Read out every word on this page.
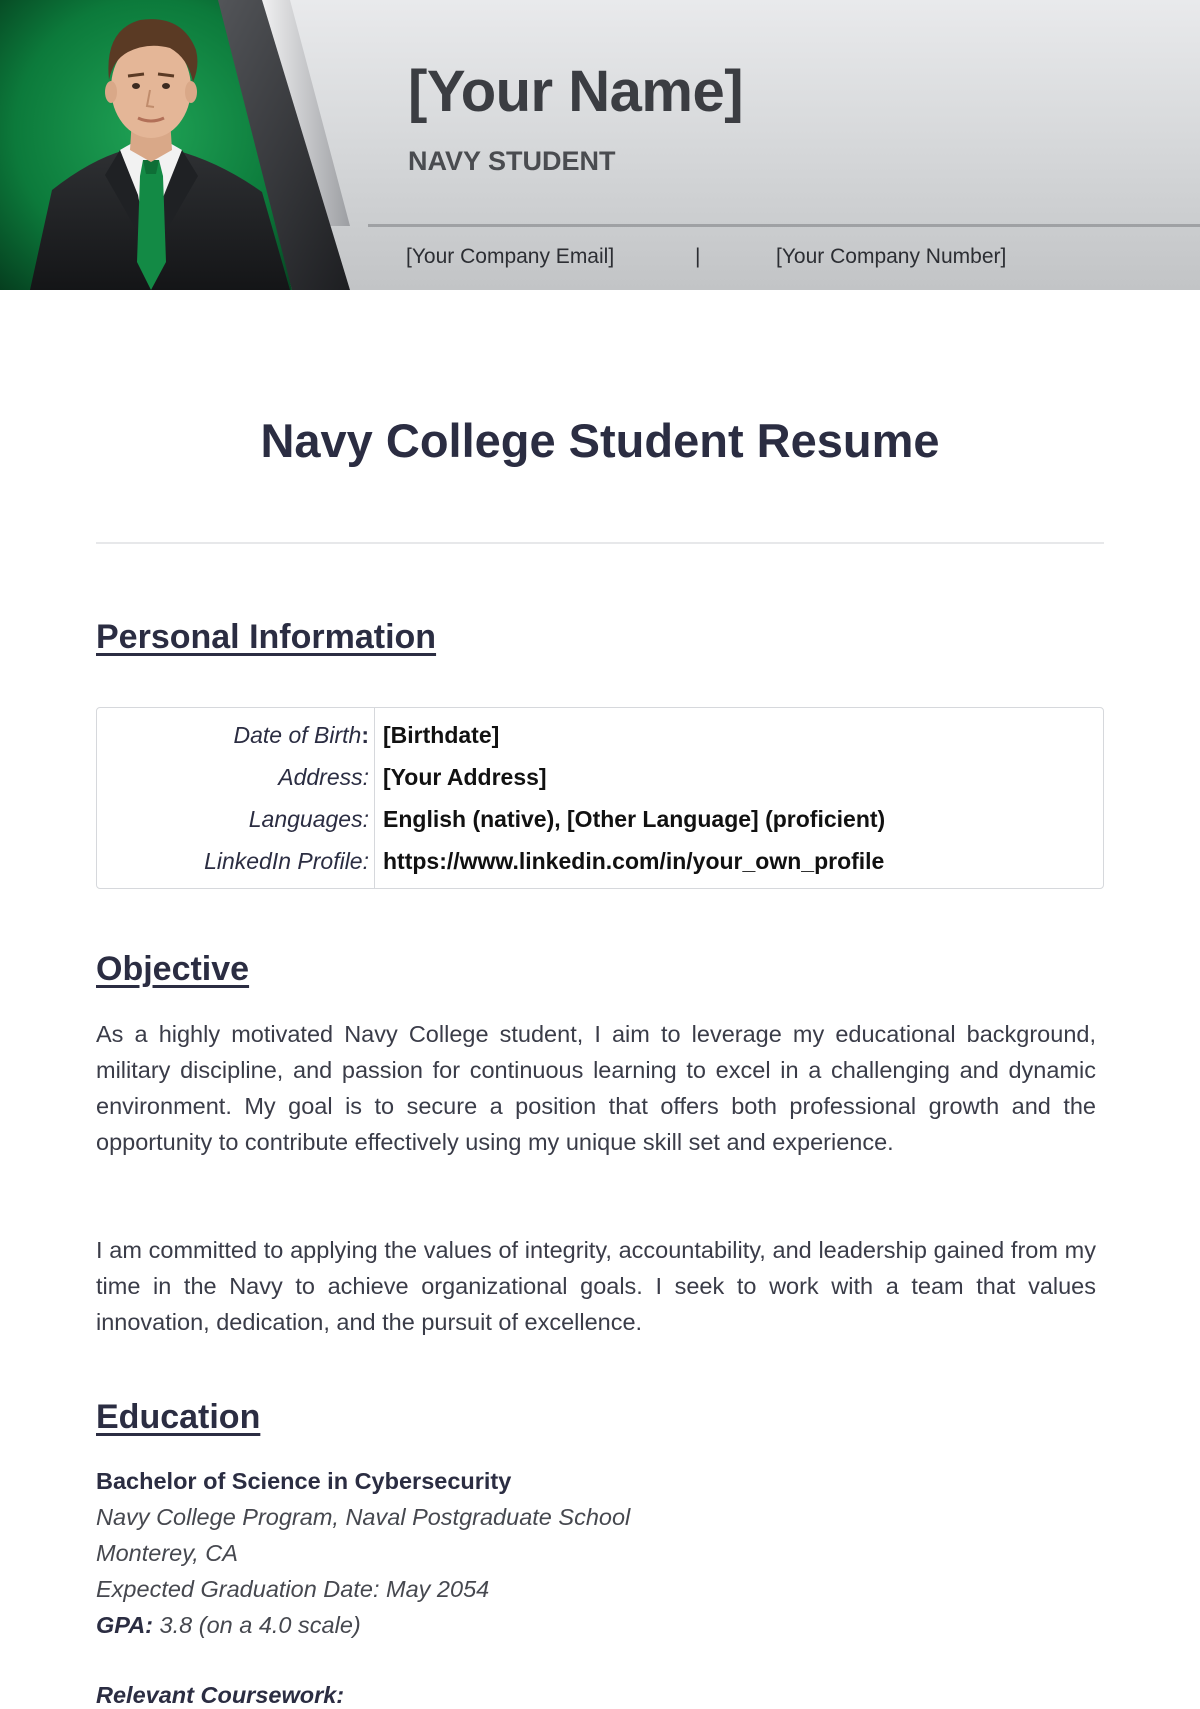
[Your Name]
NAVY STUDENT
[Your Company Email]	|	[Your Company Number]
Navy College Student Resume
Personal Information
Date of Birth: [Birthdate]
Address: [Your Address]
Languages: English (native), [Other Language] (proficient)
LinkedIn Profile: https://www.linkedin.com/in/your_own_profile
Objective

As a highly motivated Navy College student, I aim to leverage my educational background, military discipline, and passion for continuous learning to excel in a challenging and dynamic environment. My goal is to secure a position that offers both professional growth and the opportunity to contribute effectively using my unique skill set and experience.

I am committed to applying the values of integrity, accountability, and leadership gained from my time in the Navy to achieve organizational goals. I seek to work with a team that values innovation, dedication, and the pursuit of excellence.

Education
Bachelor of Science in Cybersecurity
Navy College Program, Naval Postgraduate School
Monterey, CA
Expected Graduation Date: May 2054
GPA: 3.8 (on a 4.0 scale)
Relevant Coursework:
